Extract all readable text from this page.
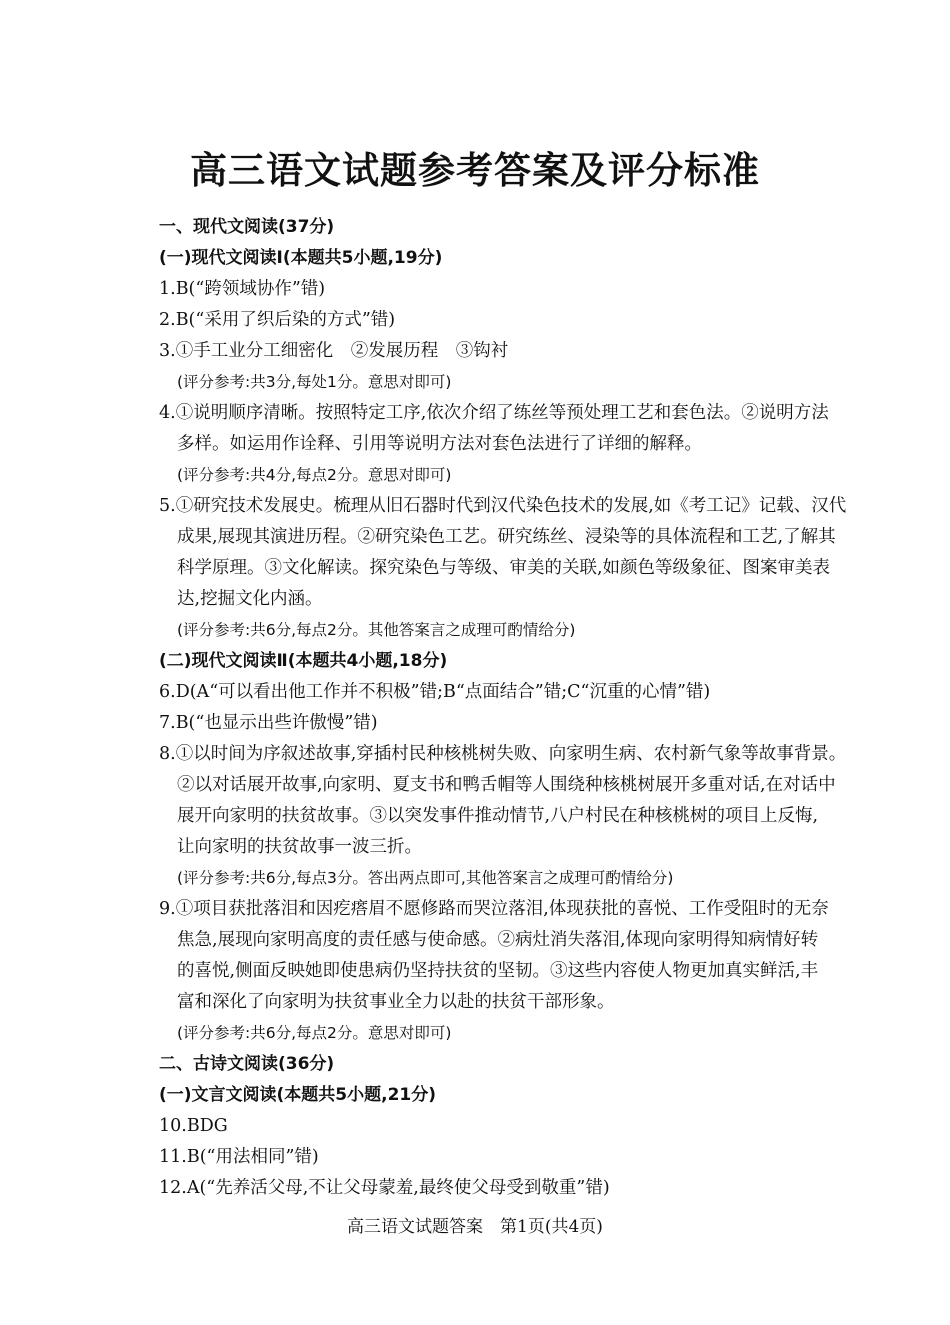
高三语文试题参考答案及评分标准
一、现代文阅读(37分)
(一)现代文阅读Ⅰ(本题共5小题,19分)
1.B(“跨领域协作”错)
2.B(“采用了织后染的方式”错)
3.①手工业分工细密化　②发展历程　③钩衬
(评分参考:共3分,每处1分。意思对即可)
4.①说明顺序清晰。按照特定工序,依次介绍了练丝等预处理工艺和套色法。②说明方法
多样。如运用作诠释、引用等说明方法对套色法进行了详细的解释。
(评分参考:共4分,每点2分。意思对即可)
5.①研究技术发展史。梳理从旧石器时代到汉代染色技术的发展,如《考工记》记载、汉代
成果,展现其演进历程。②研究染色工艺。研究练丝、浸染等的具体流程和工艺,了解其
科学原理。③文化解读。探究染色与等级、审美的关联,如颜色等级象征、图案审美表
达,挖掘文化内涵。
(评分参考:共6分,每点2分。其他答案言之成理可酌情给分)
(二)现代文阅读Ⅱ(本题共4小题,18分)
6.D(A“可以看出他工作并不积极”错;B“点面结合”错;C“沉重的心情”错)
7.B(“也显示出些许傲慢”错)
8.①以时间为序叙述故事,穿插村民种核桃树失败、向家明生病、农村新气象等故事背景。
②以对话展开故事,向家明、夏支书和鸭舌帽等人围绕种核桃树展开多重对话,在对话中
展开向家明的扶贫故事。③以突发事件推动情节,八户村民在种核桃树的项目上反悔,
让向家明的扶贫故事一波三折。
(评分参考:共6分,每点3分。答出两点即可,其他答案言之成理可酌情给分)
9.①项目获批落泪和因疙瘩眉不愿修路而哭泣落泪,体现获批的喜悦、工作受阻时的无奈
焦急,展现向家明高度的责任感与使命感。②病灶消失落泪,体现向家明得知病情好转
的喜悦,侧面反映她即使患病仍坚持扶贫的坚韧。③这些内容使人物更加真实鲜活,丰
富和深化了向家明为扶贫事业全力以赴的扶贫干部形象。
(评分参考:共6分,每点2分。意思对即可)
二、古诗文阅读(36分)
(一)文言文阅读(本题共5小题,21分)
10.BDG
11.B(“用法相同”错)
12.A(“先养活父母,不让父母蒙羞,最终使父母受到敬重”错)
高三语文试题答案　第1页(共4页)
